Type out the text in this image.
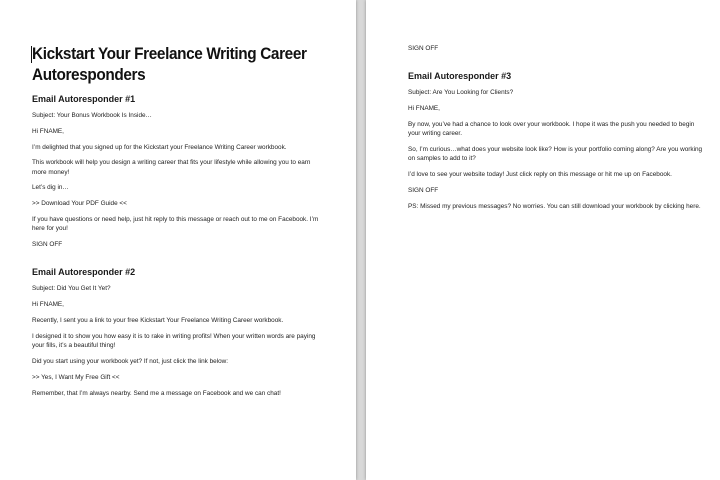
Kickstart Your Freelance Writing Career Autoresponders
Email Autoresponder #1

Subject: Your Bonus Workbook Is Inside…

Hi FNAME,

I’m delighted that you signed up for the Kickstart your Freelance Writing Career workbook.

This workbook will help you design a writing career that fits your lifestyle while allowing you to earn more money!

Let’s dig in…

>> Download Your PDF Guide <<

If you have questions or need help, just hit reply to this message or reach out to me on Facebook. I’m here for you!

SIGN OFF

Email Autoresponder #2

Subject: Did You Get It Yet?

Hi FNAME,

Recently, I sent you a link to your free Kickstart Your Freelance Writing Career workbook.

I designed it to show you how easy it is to rake in writing profits! When your written words are paying your fills, it’s a beautiful thing!

Did you start using your workbook yet? If not, just click the link below:

>> Yes, I Want My Free Gift <<

Remember, that I’m always nearby. Send me a message on Facebook and we can chat!

SIGN OFF

Email Autoresponder #3

Subject: Are You Looking for Clients?

Hi FNAME,

By now, you’ve had a chance to look over your workbook. I hope it was the push you needed to begin your writing career.

So, I’m curious…what does your website look like? How is your portfolio coming along? Are you working on samples to add to it?

I’d love to see your website today! Just click reply on this message or hit me up on Facebook.

SIGN OFF

PS: Missed my previous messages? No worries. You can still download your workbook by clicking here.
